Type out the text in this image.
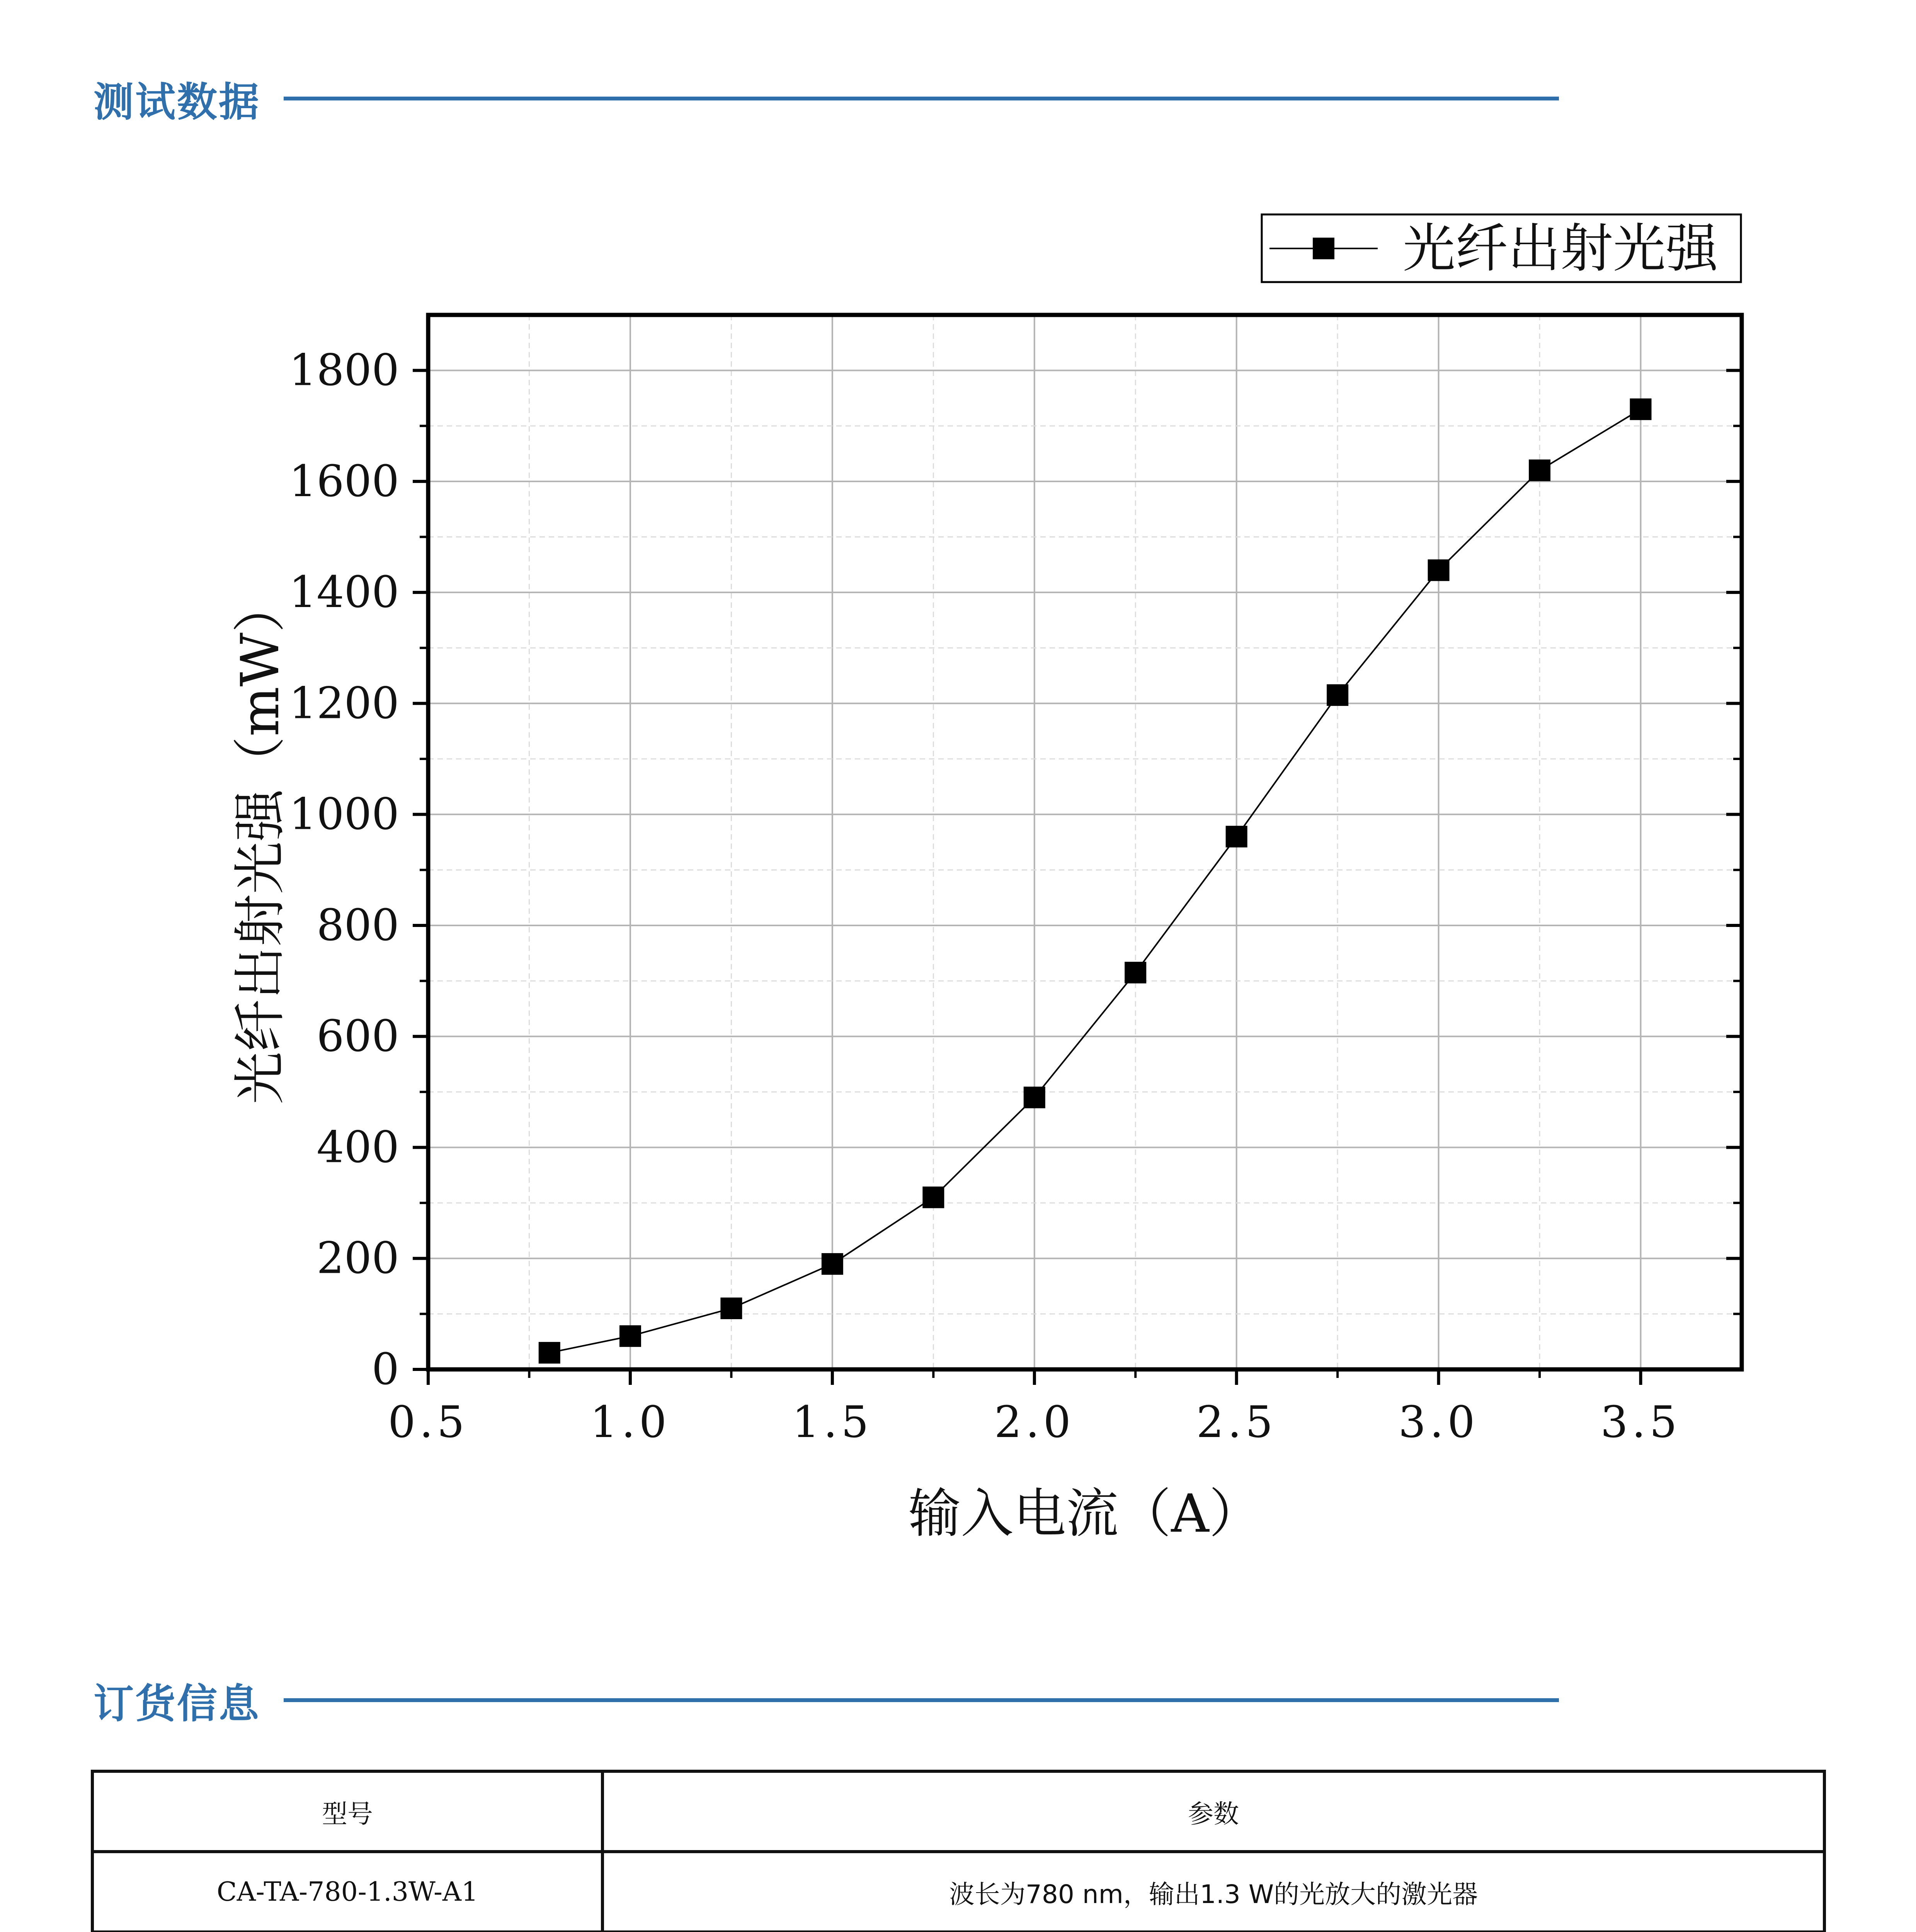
测试数据
0.5	1.0	1.5	2.0	2.5	3.0	3.5
0
200
400
600
800
1000
1200
1400
1600
1800
输入电流（A）
光纤出射光强（mW）
光纤出射光强
订货信息
型号	参数
CA-TA-780-1.3W-A1	波长为780 nm，输出1.3 W的光放大的激光器
